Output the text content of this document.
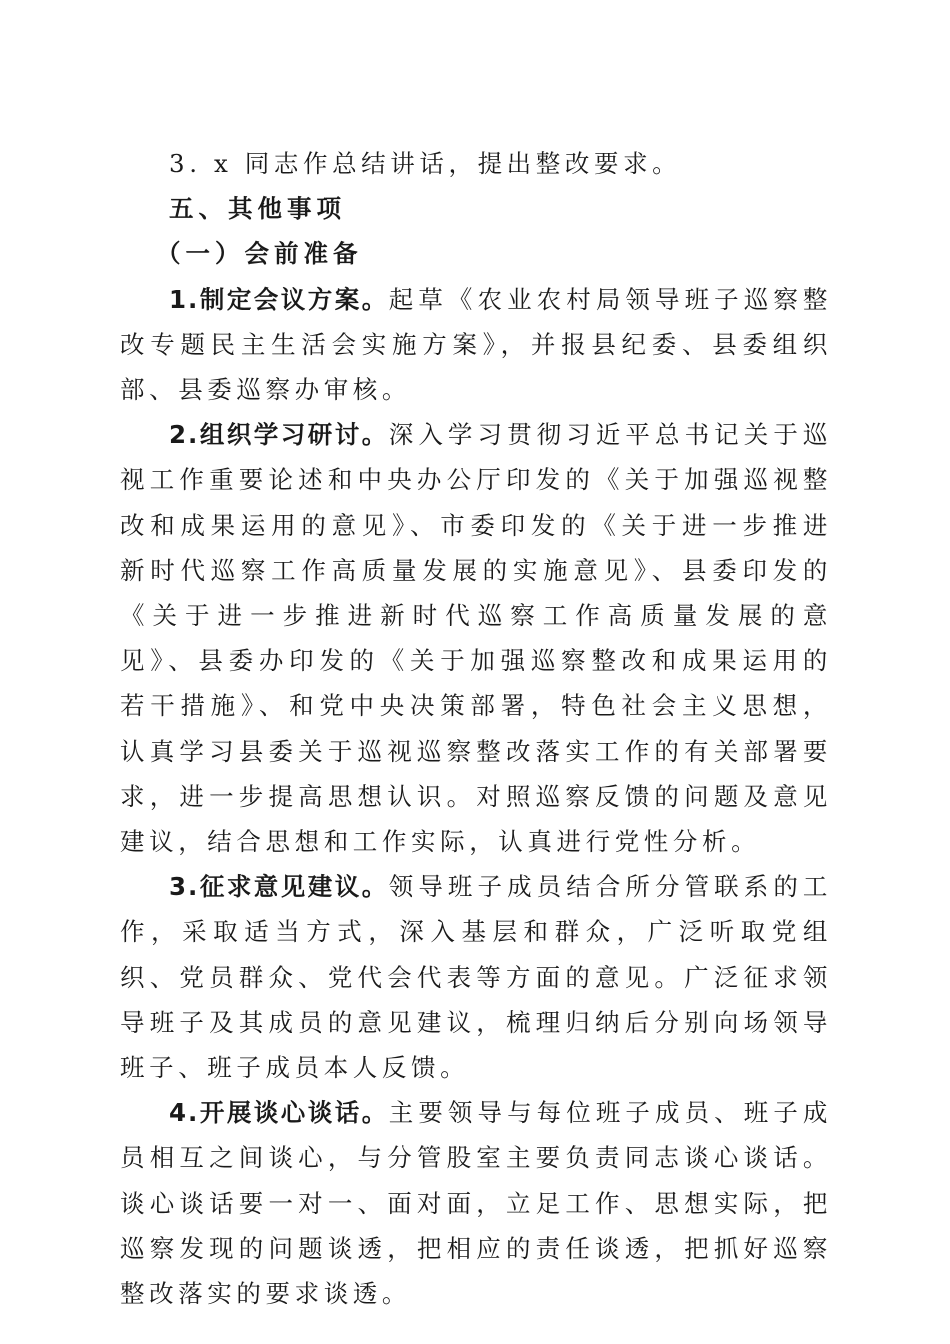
3. x 同志作总结讲话，提出整改要求。

五、其他事项

（一）会前准备

1.制定会议方案。起草《农业农村局领导班子巡察整改专题民主生活会实施方案》，并报县纪委、县委组织部、县委巡察办审核。

2.组织学习研讨。深入学习贯彻习近平总书记关于巡视工作重要论述和中央办公厅印发的《关于加强巡视整改和成果运用的意见》、市委印发的《关于进一步推进新时代巡察工作高质量发展的实施意见》、县委印发的《关于进一步推进新时代巡察工作高质量发展的意见》、县委办印发的《关于加强巡察整改和成果运用的若干措施》、和党中央决策部署，特色社会主义思想，认真学习县委关于巡视巡察整改落实工作的有关部署要求，进一步提高思想认识。对照巡察反馈的问题及意见建议，结合思想和工作实际，认真进行党性分析。

3.征求意见建议。领导班子成员结合所分管联系的工作，采取适当方式，深入基层和群众，广泛听取党组织、党员群众、党代会代表等方面的意见。广泛征求领导班子及其成员的意见建议，梳理归纳后分别向场领导班子、班子成员本人反馈。

4.开展谈心谈话。主要领导与每位班子成员、班子成员相互之间谈心，与分管股室主要负责同志谈心谈话。谈心谈话要一对一、面对面，立足工作、思想实际，把巡察发现的问题谈透，把相应的责任谈透，把抓好巡察整改落实的要求谈透。
